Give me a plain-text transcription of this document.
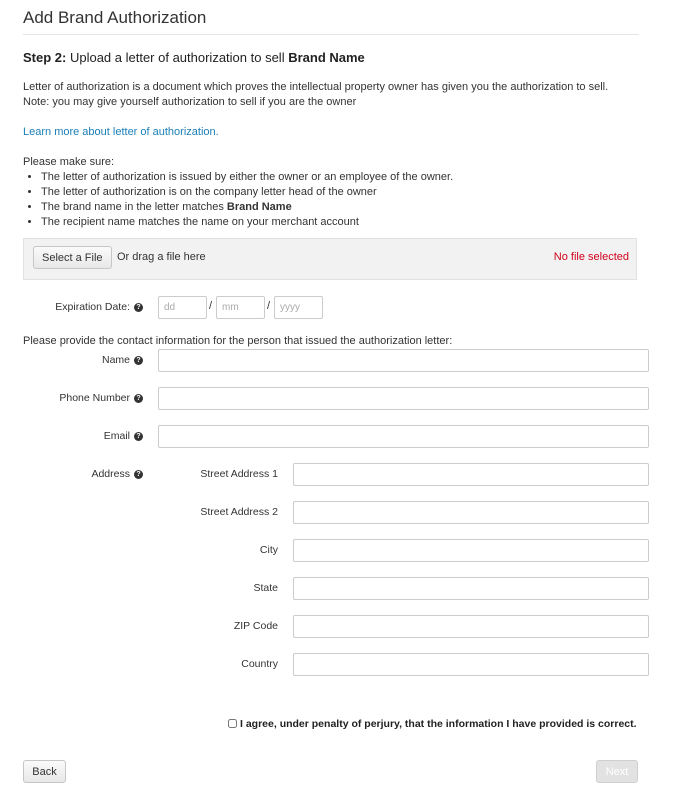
Add Brand Authorization
Step 2: Upload a letter of authorization to sell Brand Name
Letter of authorization is a document which proves the intellectual property owner has given you the authorization to sell.
Note: you may give yourself authorization to sell if you are the owner
Learn more about letter of authorization.
Please make sure:
• The letter of authorization is issued by either the owner or an employee of the owner.
• The letter of authorization is on the company letter head of the owner
• The brand name in the letter matches Brand Name
• The recipient name matches the name on your merchant account
Select a File	Or drag a file here	No file selected
Expiration Date: ?
dd	/
mm	/
yyyy
Please provide the contact information for the person that issued the authorization letter:
Name ?
Phone Number ?
Email ?
Address ?	Street Address 1
Street Address 2
City
State
ZIP Code
Country
I agree, under penalty of perjury, that the information I have provided is correct.
Back	Next
